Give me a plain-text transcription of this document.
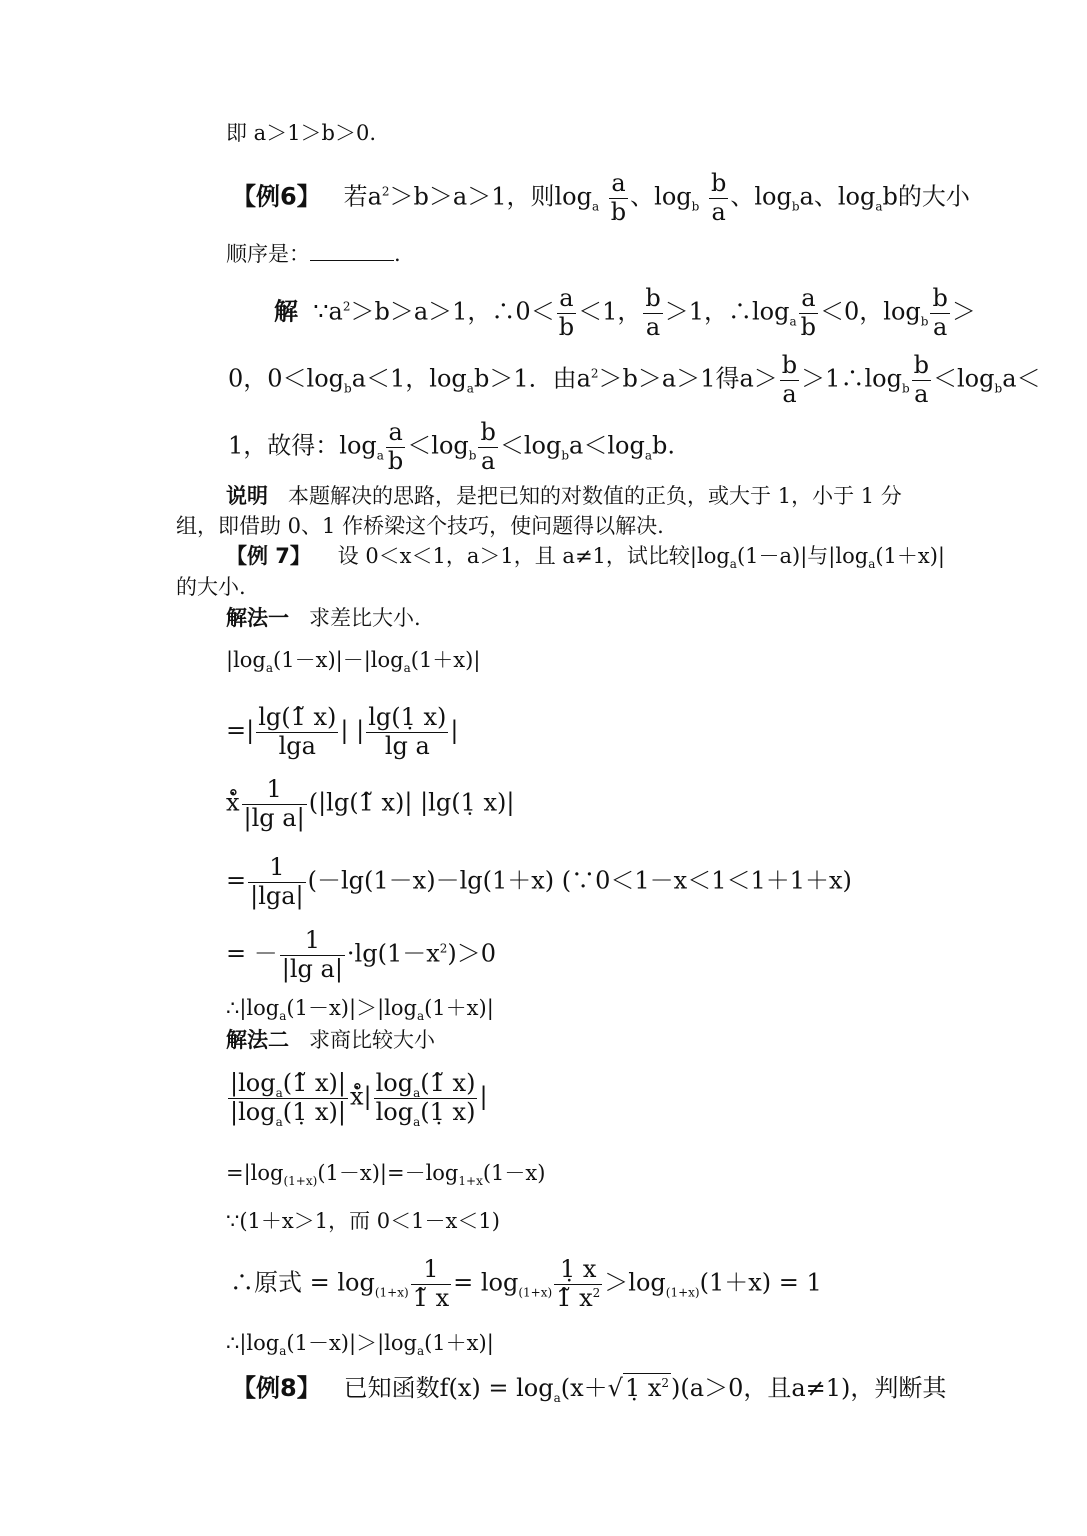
即 a＞1＞b＞0.
【例6】 若$a^2>b>a>1$，则$\log_a \frac{a}{b}$ 、$\log_b \frac{b}{a}$ 、$\log_ba$、$\log_ab$的大小
顺序是：	.
解 $\because a^2>b>a>1$，∴0＜ $\frac{a}{b} <1$， $\frac{b}{a} >1$，$\therefore\log_a \frac{a}{b} <0$，$\log_b \frac{b}{a}$ ＞
0，$0<\log_ba<1$，$\log_ab>1$．由$a^2>b>a>1$得$a> \frac{b}{a}$ $>1\therefore\log_b \frac{b}{a} <\log_ba<$
1，故得：$\log_a \frac{a}{b} <\log_b \frac{b}{a} <\log_ba<\log_ab$.
说明 本题解决的思路，是把已知的对数值的正负，或大于 1，小于 1 分
组，即借助 0、1 作桥梁这个技巧，使问题得以解决.
【例 7】 设 0＜x＜1，a＞1，且 a≠1，试比较$|\log_a(1-a)|$与$|\log_a(1+x)|$
的大小.
解法一 求差比大小.
$|\log_a(1-x)|-|\log_a(1+x)|$
=| $\frac{\lg(1̃ x)}{\lg a}$ | | $\frac{\lg(1̣ x)}{\text{lg a}}$ |
ẋ̊ $\frac{1}{\text{|lg a|}}$ (|lg(1̃ x)| |lg(1̣ x)|
= $\frac{1}{|\lg a|} (-\lg(1-x)-\lg(1+x)$ (∵0＜1－x＜1＜1＋1＋x)
= － $\frac{1}{\text{|lg a|}} \cdot\lg(1-x^2)>0$
$\therefore|\log_a(1-x)|>|\log_a(1+x)|$
解法二 求商比较大小
$\frac{|\log_a(1̃ x)|}{|\log_a(1̣ x)|}$ ẋ̊| $\frac{\log_a(1̃ x)}{\log_a(1̣ x)}$ |
$=|\log_{(1+x)}(1-x)|=-\log_{1+x}(1-x)$
∵(1＋x＞1，而 0＜1－x＜1)
∴原式 = $\log_{(1+x)} \frac{1}{1̃ x} = \log_{(1+x)} \frac{1̣ x}{1̃ x^2} >\log_{(1+x)}(1+x) = 1$
$\therefore|\log_a(1-x)|>|\log_a(1+x)|$
【例8】 已知函数$f(x) = \log_a(x+√1̣$ $x^2)(a>0$，且a≠1)，判断其
